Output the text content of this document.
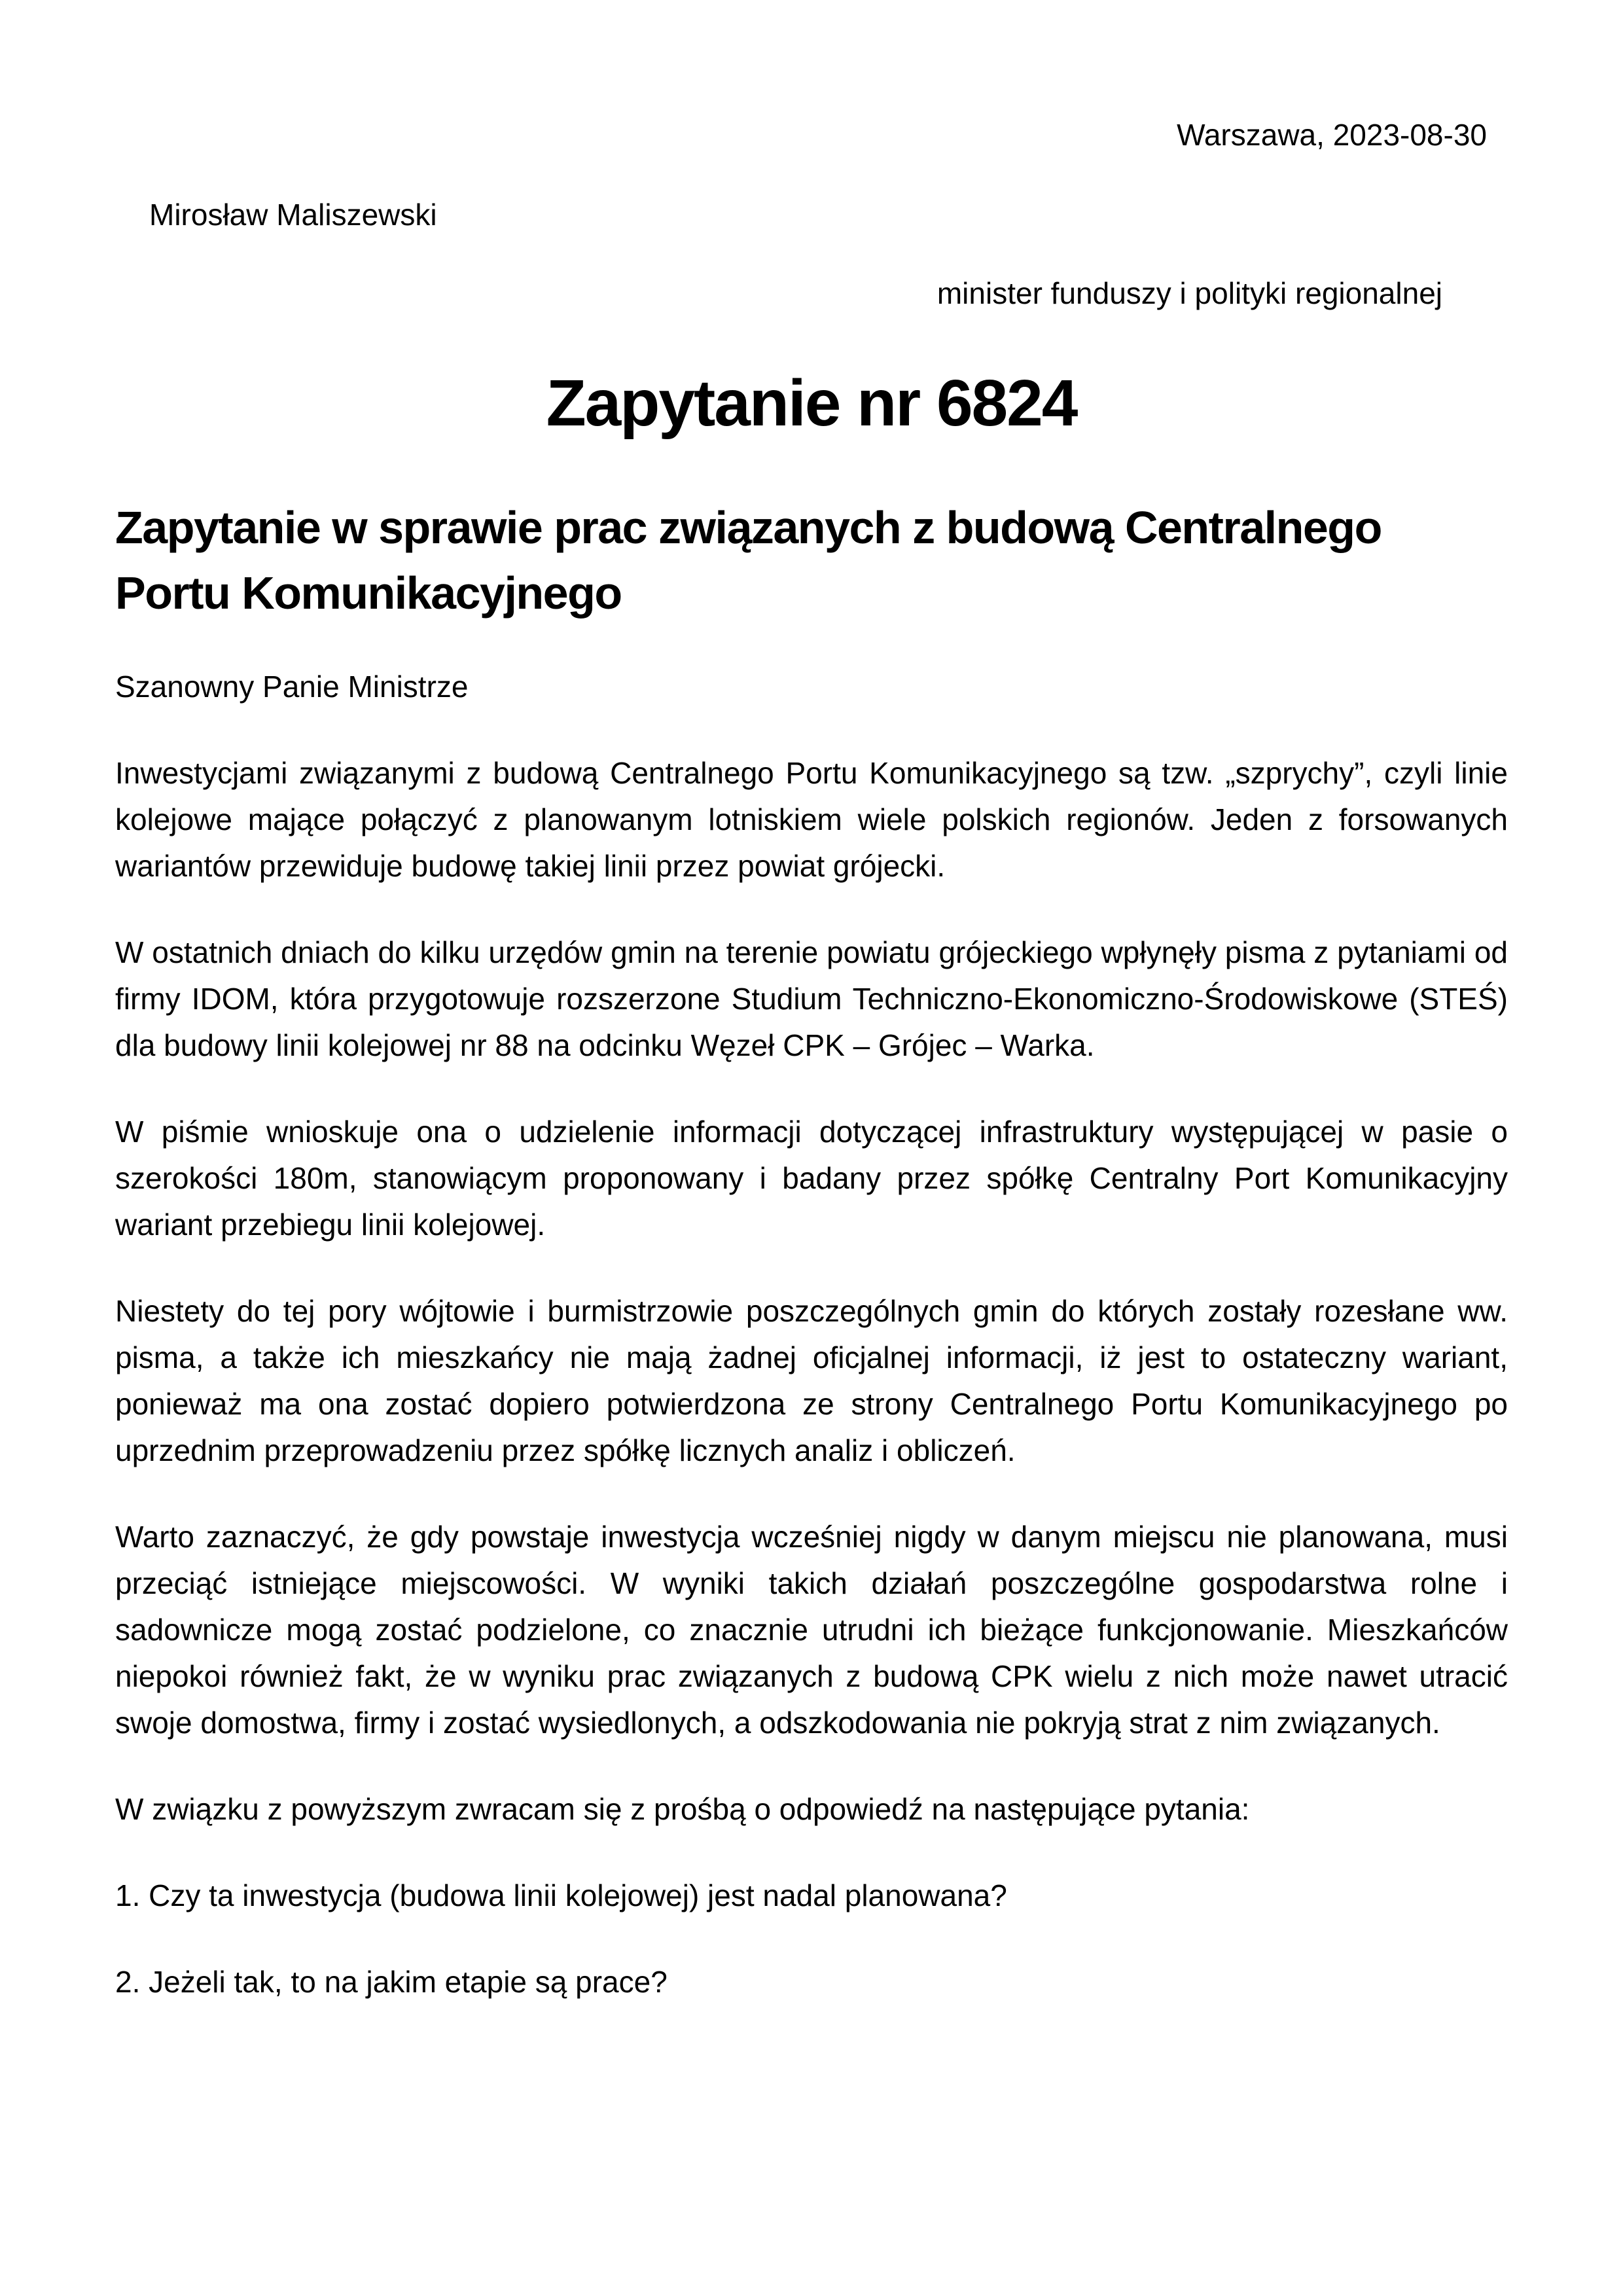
Warszawa, 2023-08-30
Mirosław Maliszewski
minister funduszy i polityki regionalnej
Zapytanie nr 6824
Zapytanie w sprawie prac związanych z budową Centralnego Portu Komunikacyjnego

Szanowny Panie Ministrze

Inwestycjami związanymi z budową Centralnego Portu Komunikacyjnego są tzw. „szprychy”, czyli linie kolejowe mające połączyć z planowanym lotniskiem wiele polskich regionów. Jeden z forsowanych wariantów przewiduje budowę takiej linii przez powiat grójecki.

W ostatnich dniach do kilku urzędów gmin na terenie powiatu grójeckiego wpłynęły pisma z pytaniami od firmy IDOM, która przygotowuje rozszerzone Studium Techniczno-Ekonomiczno-Środowiskowe (STEŚ) dla budowy linii kolejowej nr 88 na odcinku Węzeł CPK – Grójec – Warka.

W piśmie wnioskuje ona o udzielenie informacji dotyczącej infrastruktury występującej w pasie o szerokości 180m, stanowiącym proponowany i badany przez spółkę Centralny Port Komunikacyjny wariant przebiegu linii kolejowej.

Niestety do tej pory wójtowie i burmistrzowie poszczególnych gmin do których zostały rozesłane ww. pisma, a także ich mieszkańcy nie mają żadnej oficjalnej informacji, iż jest to ostateczny wariant, ponieważ ma ona zostać dopiero potwierdzona ze strony Centralnego Portu Komunikacyjnego po uprzednim przeprowadzeniu przez spółkę licznych analiz i obliczeń.

Warto zaznaczyć, że gdy powstaje inwestycja wcześniej nigdy w danym miejscu nie planowana, musi przeciąć istniejące miejscowości. W wyniki takich działań poszczególne gospodarstwa rolne i sadownicze mogą zostać podzielone, co znacznie utrudni ich bieżące funkcjonowanie. Mieszkańców niepokoi również fakt, że w wyniku prac związanych z budową CPK wielu z nich może nawet utracić swoje domostwa, firmy i zostać wysiedlonych, a odszkodowania nie pokryją strat z nim związanych.

W związku z powyższym zwracam się z prośbą o odpowiedź na następujące pytania:

1. Czy ta inwestycja (budowa linii kolejowej) jest nadal planowana?

2. Jeżeli tak, to na jakim etapie są prace?
